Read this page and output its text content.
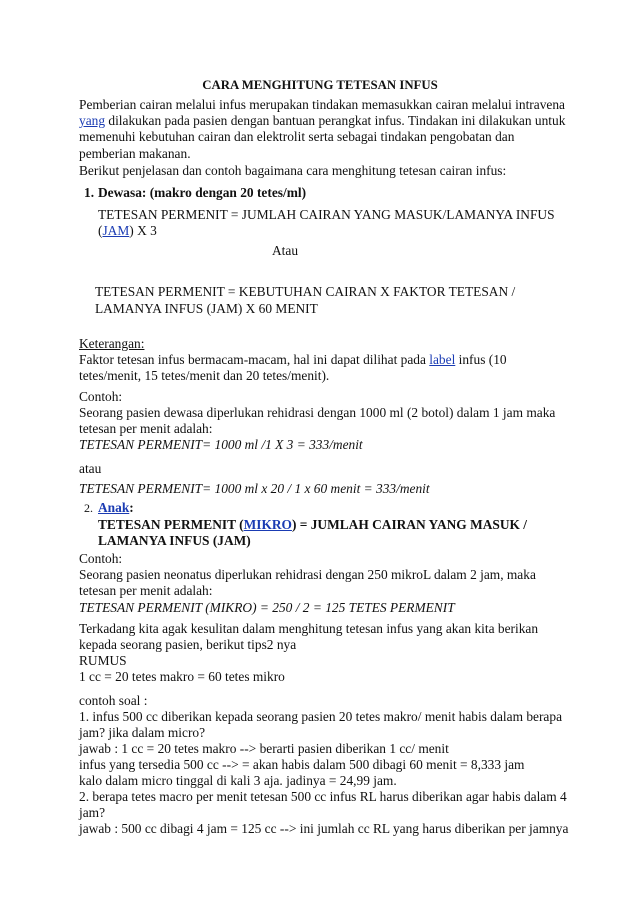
CARA MENGHITUNG TETESAN INFUS
Pemberian cairan melalui infus merupakan tindakan memasukkan cairan melalui intravena yang dilakukan pada pasien dengan bantuan perangkat infus. Tindakan ini dilakukan untuk memenuhi kebutuhan cairan dan elektrolit serta sebagai tindakan pengobatan dan pemberian makanan.
Berikut penjelasan dan contoh bagaimana cara menghitung tetesan cairan infus:
1. Dewasa: (makro dengan 20 tetes/ml)
TETESAN PERMENIT = JUMLAH CAIRAN YANG MASUK/LAMANYA INFUS
(JAM) X 3
Atau
TETESAN PERMENIT = KEBUTUHAN CAIRAN X FAKTOR TETESAN /
LAMANYA INFUS (JAM) X 60 MENIT
Keterangan:
Faktor tetesan infus bermacam-macam, hal ini dapat dilihat pada label infus (10 tetes/menit, 15 tetes/menit dan 20 tetes/menit).
Contoh:
Seorang pasien dewasa diperlukan rehidrasi dengan 1000 ml (2 botol) dalam 1 jam maka tetesan per menit adalah:
TETESAN PERMENIT= 1000 ml /1 X 3 = 333/menit
atau
TETESAN PERMENIT= 1000 ml x 20 / 1 x 60 menit = 333/menit
2. Anak:
TETESAN PERMENIT (MIKRO) = JUMLAH CAIRAN YANG MASUK /
LAMANYA INFUS (JAM)
Contoh:
Seorang pasien neonatus diperlukan rehidrasi dengan 250 mikroL dalam 2 jam, maka tetesan per menit adalah:
TETESAN PERMENIT (MIKRO) = 250 / 2 = 125 TETES PERMENIT
Terkadang kita agak kesulitan dalam menghitung tetesan infus yang akan kita berikan kepada seorang pasien, berikut tips2 nya
RUMUS
1 cc = 20 tetes makro = 60 tetes mikro
contoh soal :
1. infus 500 cc diberikan kepada seorang pasien 20 tetes makro/ menit habis dalam berapa jam? jika dalam micro?
jawab : 1 cc = 20 tetes makro --> berarti pasien diberikan 1 cc/ menit
infus yang tersedia 500 cc --> = akan habis dalam 500 dibagi 60 menit = 8,333 jam
kalo dalam micro tinggal di kali 3 aja. jadinya = 24,99 jam.
2. berapa tetes macro per menit tetesan 500 cc infus RL harus diberikan agar habis dalam 4 jam?
jawab : 500 cc dibagi 4 jam = 125 cc --> ini jumlah cc RL yang harus diberikan per jamnya
